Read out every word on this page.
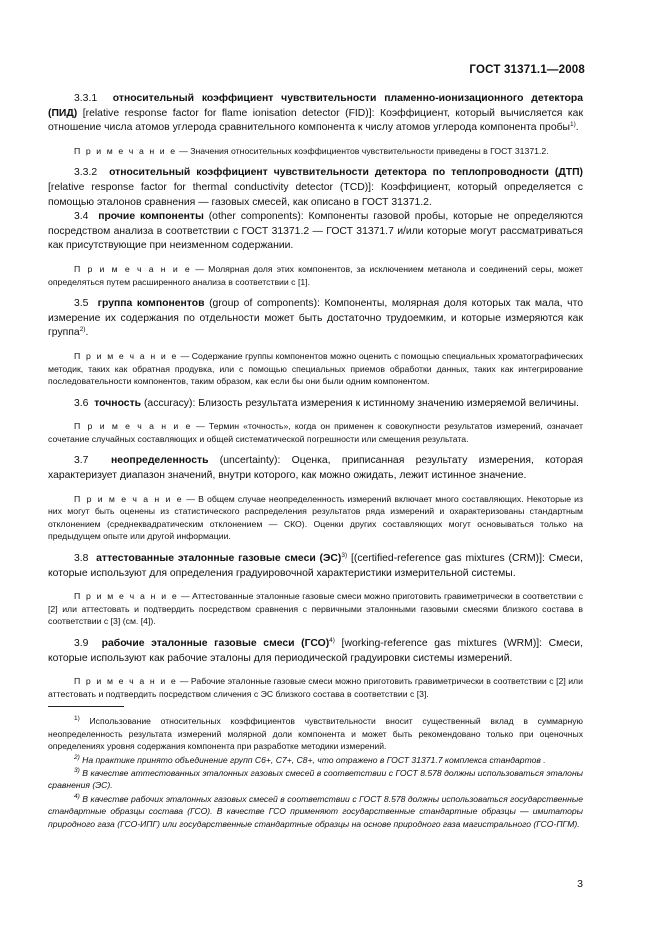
ГОСТ 31371.1—2008

3.3.1 относительный коэффициент чувствительности пламенно-ионизационного детектора (ПИД) [relative response factor for flame ionisation detector (FID)]: Коэффициент, который вычисляется как отношение числа атомов углерода сравнительного компонента к числу атомов углерода компонента пробы$^{1)}$.

П р и м е ч а н и е — Значения относительных коэффициентов чувствительности приведены в ГОСТ 31371.2.

3.3.2 относительный коэффициент чувствительности детектора по теплопроводности (ДТП) [relative response factor for thermal conductivity detector (TCD)]: Коэффициент, который определяется с помощью эталонов сравнения — газовых смесей, как описано в ГОСТ 31371.2.

3.4 прочие компоненты (other components): Компоненты газовой пробы, которые не определяются посредством анализа в соответствии с ГОСТ 31371.2 — ГОСТ 31371.7 и/или которые могут рассматриваться как присутствующие при неизменном содержании.

П р и м е ч а н и е — Молярная доля этих компонентов, за исключением метанола и соединений серы, может определяться путем расширенного анализа в соответствии с [1].

3.5 группа компонентов (group of components): Компоненты, молярная доля которых так мала, что измерение их содержания по отдельности может быть достаточно трудоемким, и которые измеряются как группа$^{2)}$.

П р и м е ч а н и е — Содержание группы компонентов можно оценить с помощью специальных хроматографических методик, таких как обратная продувка, или с помощью специальных приемов обработки данных, таких как интегрирование последовательности компонентов, таким образом, как если бы они были одним компонентом.

3.6 точность (accuracy): Близость результата измерения к истинному значению измеряемой величины.

П р и м е ч а н и е — Термин «точность», когда он применен к совокупности результатов измерений, означает сочетание случайных составляющих и общей систематической погрешности или смещения результата.

3.7 неопределенность (uncertainty): Оценка, приписанная результату измерения, которая характеризует диапазон значений, внутри которого, как можно ожидать, лежит истинное значение.

П р и м е ч а н и е — В общем случае неопределенность измерений включает много составляющих. Некоторые из них могут быть оценены из статистического распределения результатов ряда измерений и охарактеризованы стандартным отклонением (среднеквадратическим отклонением — СКО). Оценки других составляющих могут основываться только на предыдущем опыте или другой информации.

3.8 аттестованные эталонные газовые смеси (ЭС)$^{3)}$ [(certified-reference gas mixtures (CRM)]: Смеси, которые используют для определения градуировочной характеристики измерительной системы.

П р и м е ч а н и е — Аттестованные эталонные газовые смеси можно приготовить гравиметрически в соответствии с [2] или аттестовать и подтвердить посредством сравнения с первичными эталонными газовыми смесями близкого состава в соответствии с [3] (см. [4]).

3.9 рабочие эталонные газовые смеси (ГСО)$^{4)}$ [working-reference gas mixtures (WRM)]: Смеси, которые используют как рабочие эталоны для периодической градуировки системы измерений.

П р и м е ч а н и е — Рабочие эталонные газовые смеси можно приготовить гравиметрически в соответствии с [2] или аттестовать и подтвердить посредством сличения с ЭС близкого состава в соответствии с [3].

$^{1)}$ Использование относительных коэффициентов чувствительности вносит существенный вклад в суммарную неопределенность результата измерений молярной доли компонента и может быть рекомендовано только при оценочных определениях уровня содержания компонента при разработке методики измерений.

$^{2)}$ На практике принято объединение групп С6+, С7+, С8+, что отражено в ГОСТ 31371.7 комплекса стандартов .

$^{3)}$ В качестве аттестованных эталонных газовых смесей в соответствии с ГОСТ 8.578 должны использоваться эталоны сравнения (ЭС).

$^{4)}$ В качестве рабочих эталонных газовых смесей в соответствии с ГОСТ 8.578 должны использоваться государственные стандартные образцы состава (ГСО). В качестве ГСО применяют государственные стандартные образцы — имитаторы природного газа (ГСО-ИПГ) или государственные стандартные образцы на основе природного газа магистрального (ГСО-ПГМ).

3
